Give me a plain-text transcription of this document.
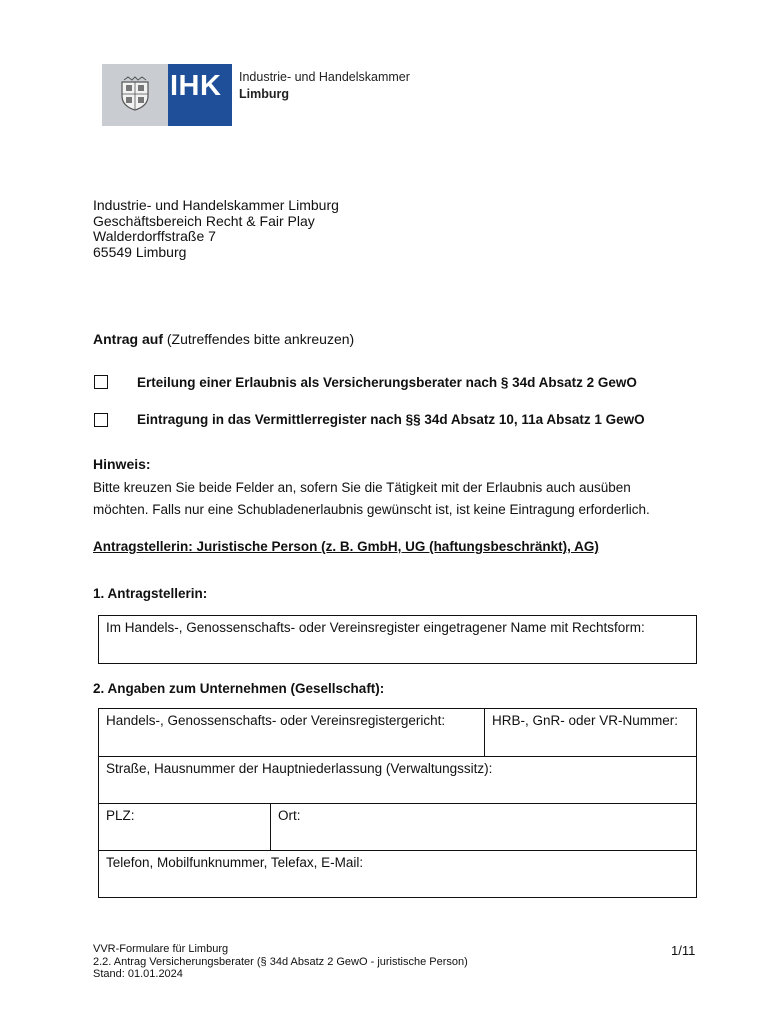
IHK Industrie- und Handelskammer
Limburg
Industrie- und Handelskammer Limburg
Geschäftsbereich Recht & Fair Play
Walderdorffstraße 7
65549 Limburg
Antrag auf (Zutreffendes bitte ankreuzen)
Erteilung einer Erlaubnis als Versicherungsberater nach § 34d Absatz 2 GewO
Eintragung in das Vermittlerregister nach §§ 34d Absatz 10, 11a Absatz 1 GewO
Hinweis:
Bitte kreuzen Sie beide Felder an, sofern Sie die Tätigkeit mit der Erlaubnis auch ausüben
möchten. Falls nur eine Schubladenerlaubnis gewünscht ist, ist keine Eintragung erforderlich.
Antragstellerin: Juristische Person (z. B. GmbH, UG (haftungsbeschränkt), AG)
1. Antragstellerin:
Im Handels-, Genossenschafts- oder Vereinsregister eingetragener Name mit Rechtsform:
2. Angaben zum Unternehmen (Gesellschaft):
Handels-, Genossenschafts- oder Vereinsregistergericht:	HRB-, GnR- oder VR-Nummer:
Straße, Hausnummer der Hauptniederlassung (Verwaltungssitz):
PLZ:	Ort:
Telefon, Mobilfunknummer, Telefax, E-Mail:
VVR-Formulare für Limburg
2.2. Antrag Versicherungsberater (§ 34d Absatz 2 GewO - juristische Person)
Stand: 01.01.2024
1/11
